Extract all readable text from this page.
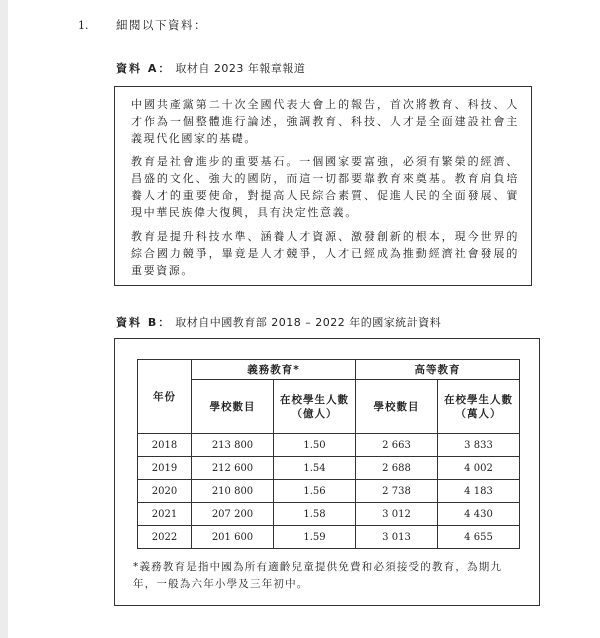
1. 細閱以下資料：
資料 A： 取材自 2023 年報章報道

中國共產黨第二十次全國代表大會上的報告，首次將教育、科技、人才作為一個整體進行論述，強調教育、科技、人才是全面建設社會主義現代化國家的基礎。

教育是社會進步的重要基石。一個國家要富強，必須有繁榮的經濟、昌盛的文化、強大的國防，而這一切都要靠教育來奠基。教育肩負培養人才的重要使命，對提高人民綜合素質、促進人民的全面發展、實現中華民族偉大復興，具有決定性意義。

教育是提升科技水準、涵養人才資源、激發創新的根本，現今世界的綜合國力競爭，畢竟是人才競爭，人才已經成為推動經濟社會發展的重要資源。

資料 B： 取材自中國教育部 2018 – 2022 年的國家統計資料
年份	義務教育*		高等教育	
	學校數目	在校學生人數（億人）	學校數目	在校學生人數（萬人）
2018	213 800	1.50	2 663	3 833
2019	212 600	1.54	2 688	4 002
2020	210 800	1.56	2 738	4 183
2021	207 200	1.58	3 012	4 430
2022	201 600	1.59	3 013	4 655

*義務教育是指中國為所有適齡兒童提供免費和必須接受的教育，為期九年，一般為六年小學及三年初中。
